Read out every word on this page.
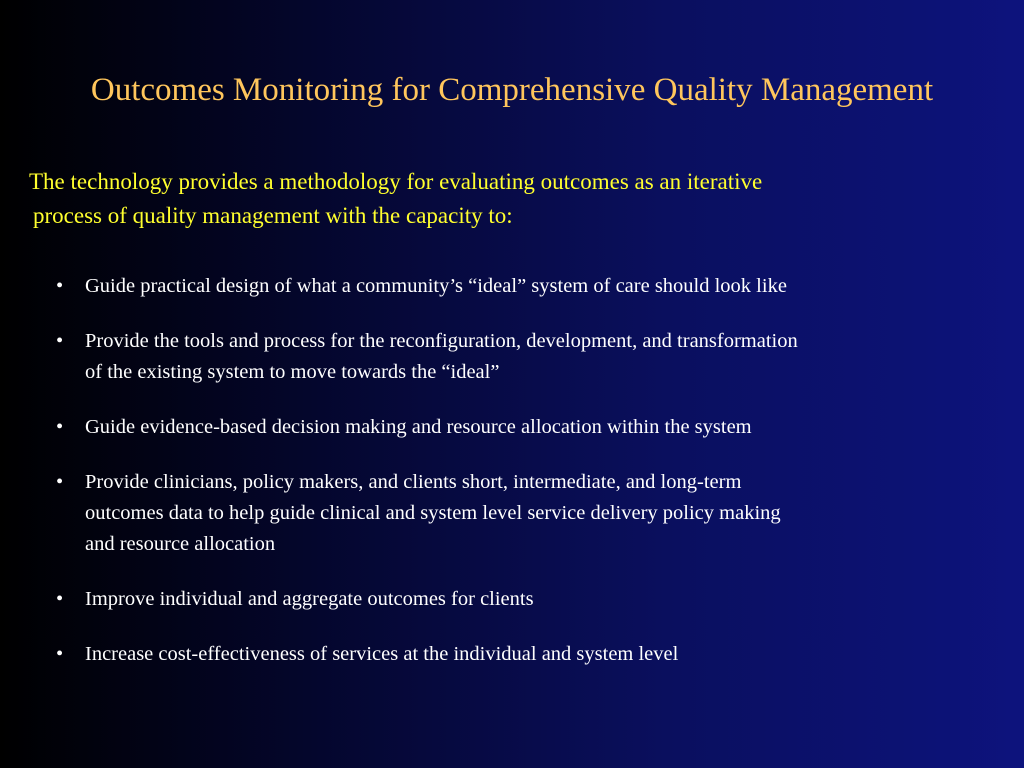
Outcomes Monitoring for Comprehensive Quality Management
The technology provides a methodology for evaluating outcomes as an iterative
process of quality management with the capacity to:
• Guide practical design of what a community’s “ideal” system of care should look like
• Provide the tools and process for the reconfiguration, development, and transformation
of the existing system to move towards the “ideal”
• Guide evidence-based decision making and resource allocation within the system
• Provide clinicians, policy makers, and clients short, intermediate, and long-term
outcomes data to help guide clinical and system level service delivery policy making
and resource allocation
• Improve individual and aggregate outcomes for clients
• Increase cost-effectiveness of services at the individual and system level
